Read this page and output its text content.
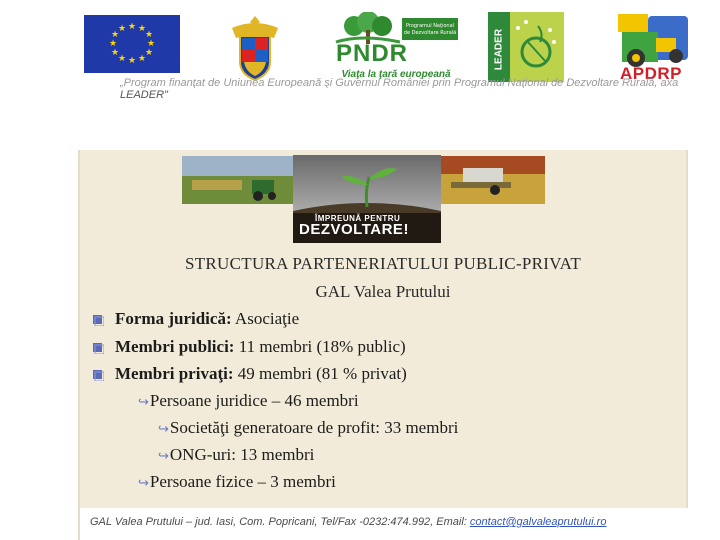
★ ★
★
★
★
★
★
★
★
★
★
★	Programul Naţional
de Dezvoltare Rurală
PNDR
Viaţa la ţară europeană
LEADER
APDRP
„Program finanţat de Uniunea Europeană şi Guvernul României prin Programul Naţional de Dezvoltare Rurală, axa
LEADER"
ÎMPREUNĂ PENTRU
DEZVOLTARE!
STRUCTURA PARTENERIATULUI PUBLIC-PRIVAT
GAL Valea Prutului
Forma juridică: Asociaţie
Membri publici: 11 membri (18% public)
Membri privaţi: 49 membri (81 % privat)
↪Persoane juridice – 46 membri
↪Societăţi generatoare de profit: 33 membri
↪ONG-uri: 13 membri
↪Persoane fizice – 3 membri
GAL Valea Prutului – jud. Iasi, Com. Popricani, Tel/Fax -0232:474.992, Email: contact@galvaleaprutului.ro
